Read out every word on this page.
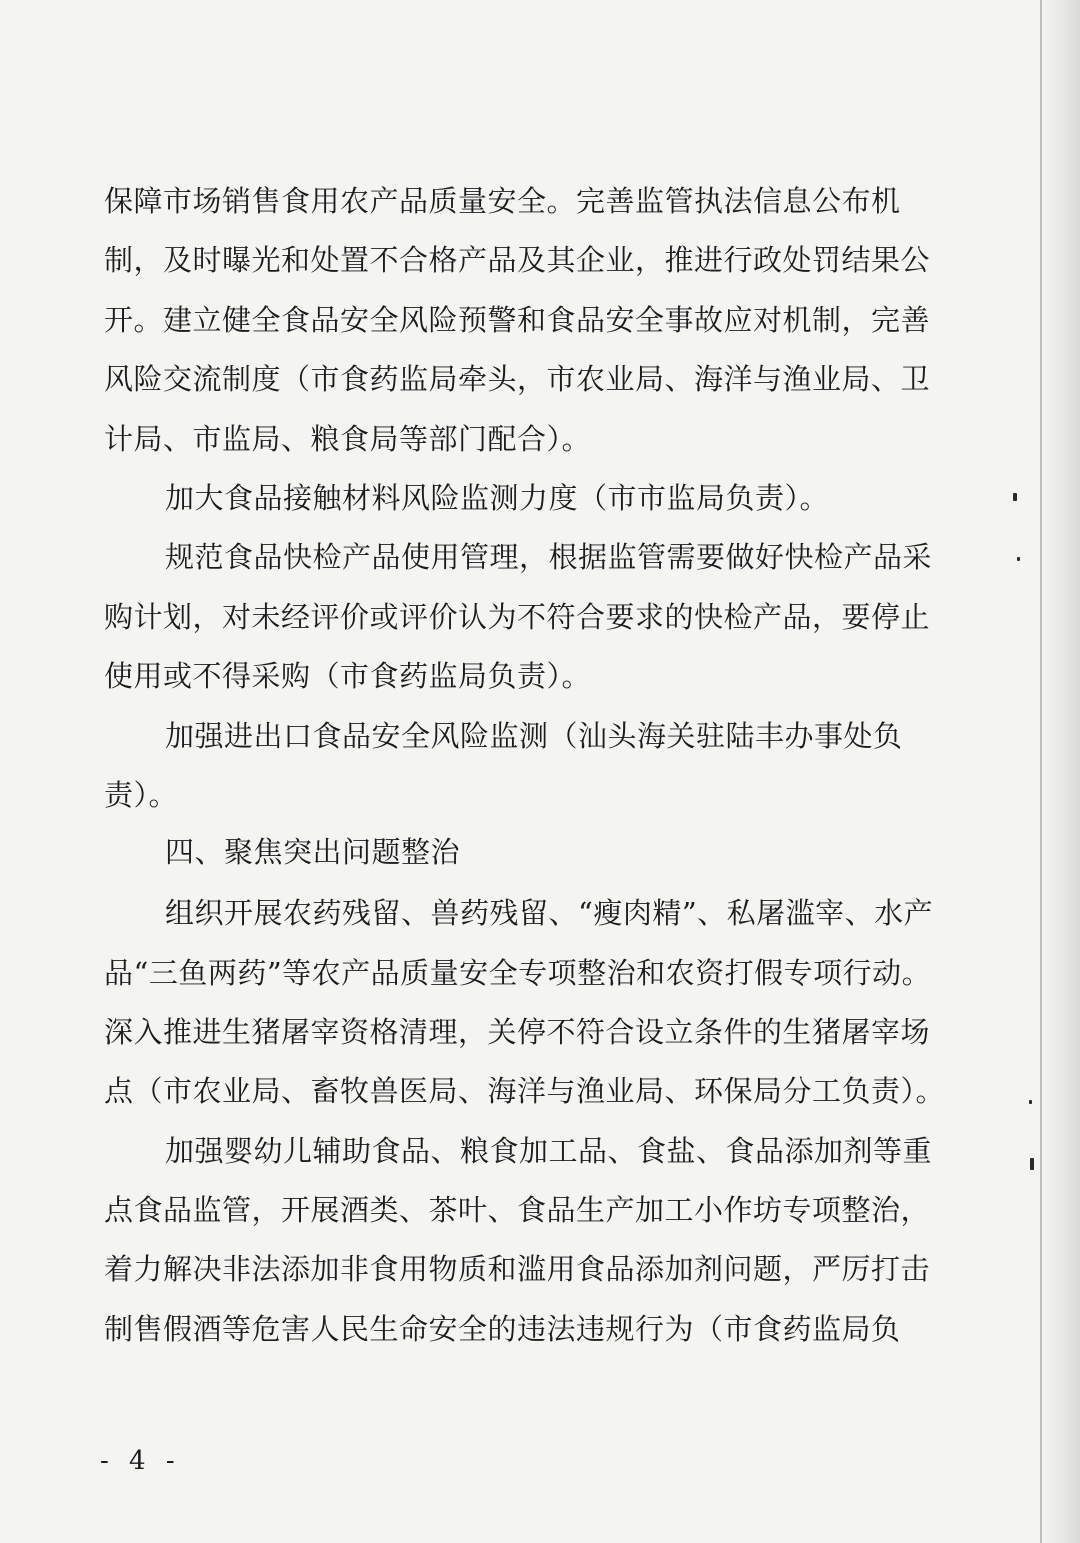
保障市场销售食用农产品质量安全。完善监管执法信息公布机
制，及时曝光和处置不合格产品及其企业，推进行政处罚结果公
开。建立健全食品安全风险预警和食品安全事故应对机制，完善
风险交流制度（市食药监局牵头，市农业局、海洋与渔业局、卫
计局、市监局、粮食局等部门配合）。
加大食品接触材料风险监测力度（市市监局负责）。
规范食品快检产品使用管理，根据监管需要做好快检产品采
购计划，对未经评价或评价认为不符合要求的快检产品，要停止
使用或不得采购（市食药监局负责）。
加强进出口食品安全风险监测（汕头海关驻陆丰办事处负
责）。
四、聚焦突出问题整治
组织开展农药残留、兽药残留、“瘦肉精”、私屠滥宰、水产
品“三鱼两药”等农产品质量安全专项整治和农资打假专项行动。
深入推进生猪屠宰资格清理，关停不符合设立条件的生猪屠宰场
点（市农业局、畜牧兽医局、海洋与渔业局、环保局分工负责）。
加强婴幼儿辅助食品、粮食加工品、食盐、食品添加剂等重
点食品监管，开展酒类、茶叶、食品生产加工小作坊专项整治，
着力解决非法添加非食用物质和滥用食品添加剂问题，严厉打击
制售假酒等危害人民生命安全的违法违规行为（市食药监局负
- 4 -
